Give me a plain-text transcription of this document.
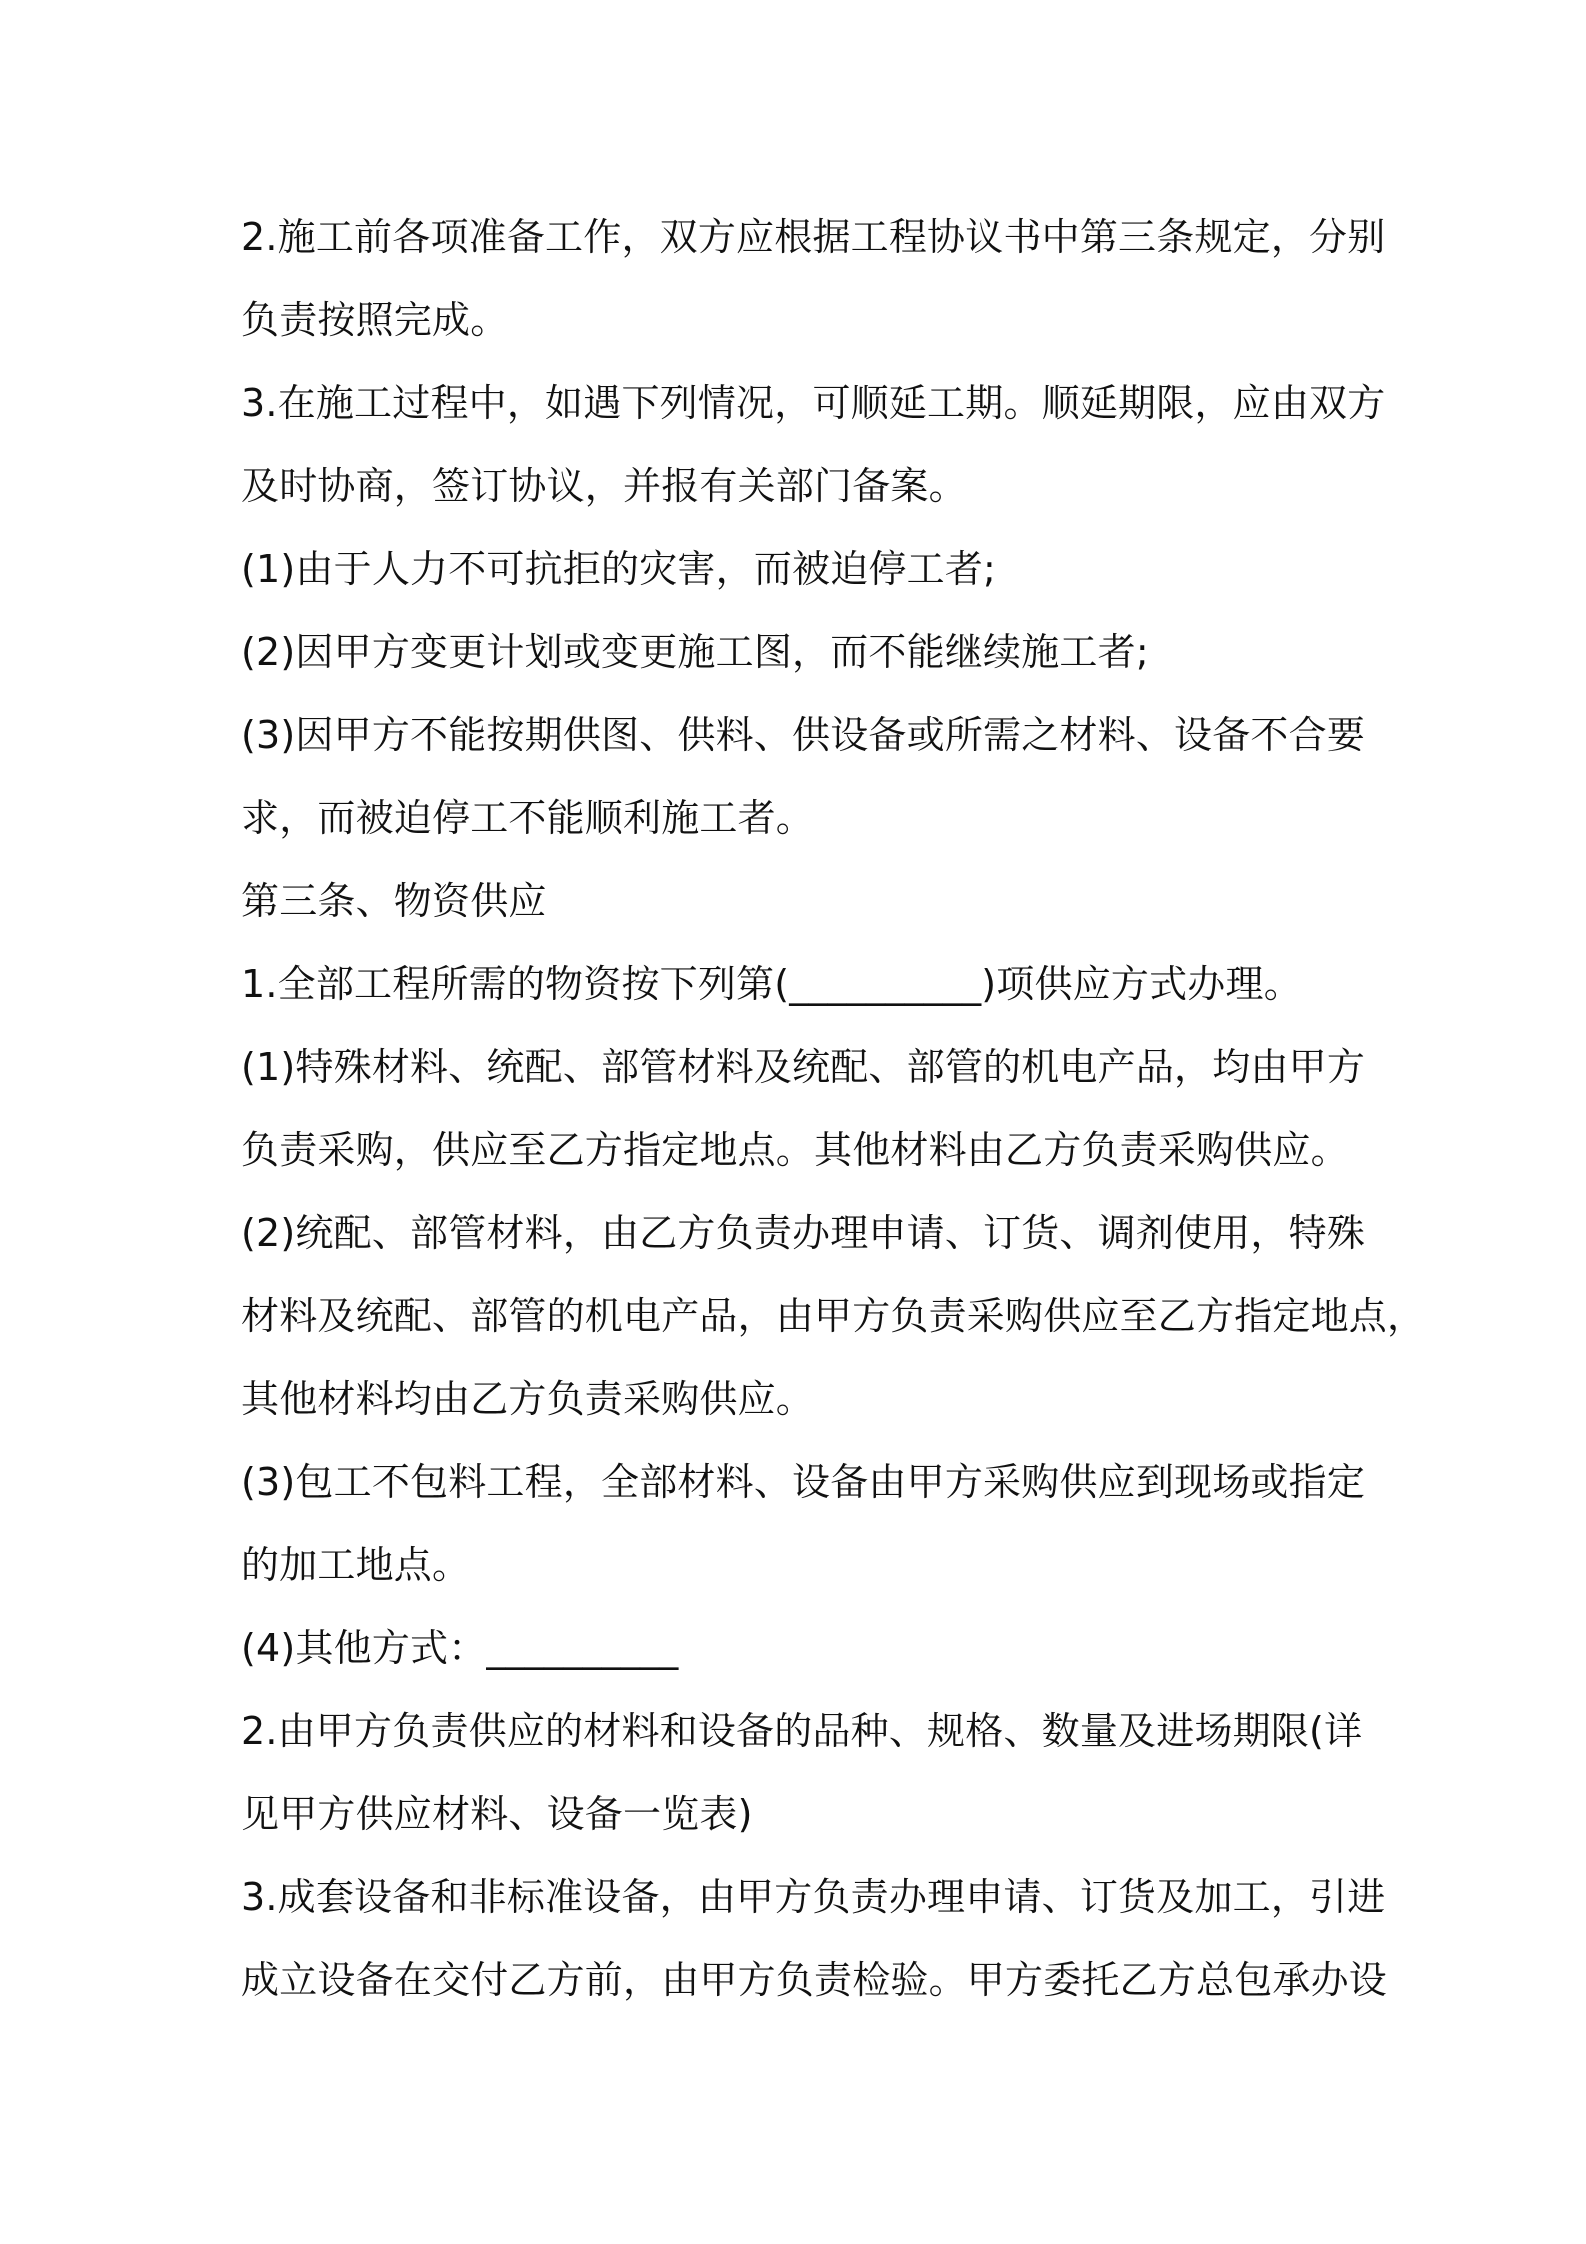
2.施工前各项准备工作，双方应根据工程协议书中第三条规定，分别
负责按照完成。
3.在施工过程中，如遇下列情况，可顺延工期。顺延期限，应由双方
及时协商，签订协议，并报有关部门备案。
(1)由于人力不可抗拒的灾害，而被迫停工者;
(2)因甲方变更计划或变更施工图，而不能继续施工者;
(3)因甲方不能按期供图、供料、供设备或所需之材料、设备不合要
求，而被迫停工不能顺利施工者。
第三条、物资供应
1.全部工程所需的物资按下列第(__________)项供应方式办理。
(1)特殊材料、统配、部管材料及统配、部管的机电产品，均由甲方
负责采购，供应至乙方指定地点。其他材料由乙方负责采购供应。
(2)统配、部管材料，由乙方负责办理申请、订货、调剂使用，特殊
材料及统配、部管的机电产品，由甲方负责采购供应至乙方指定地点，
其他材料均由乙方负责采购供应。
(3)包工不包料工程，全部材料、设备由甲方采购供应到现场或指定
的加工地点。
(4)其他方式：__________
2.由甲方负责供应的材料和设备的品种、规格、数量及进场期限(详
见甲方供应材料、设备一览表)
3.成套设备和非标准设备，由甲方负责办理申请、订货及加工，引进
成立设备在交付乙方前，由甲方负责检验。甲方委托乙方总包承办设
